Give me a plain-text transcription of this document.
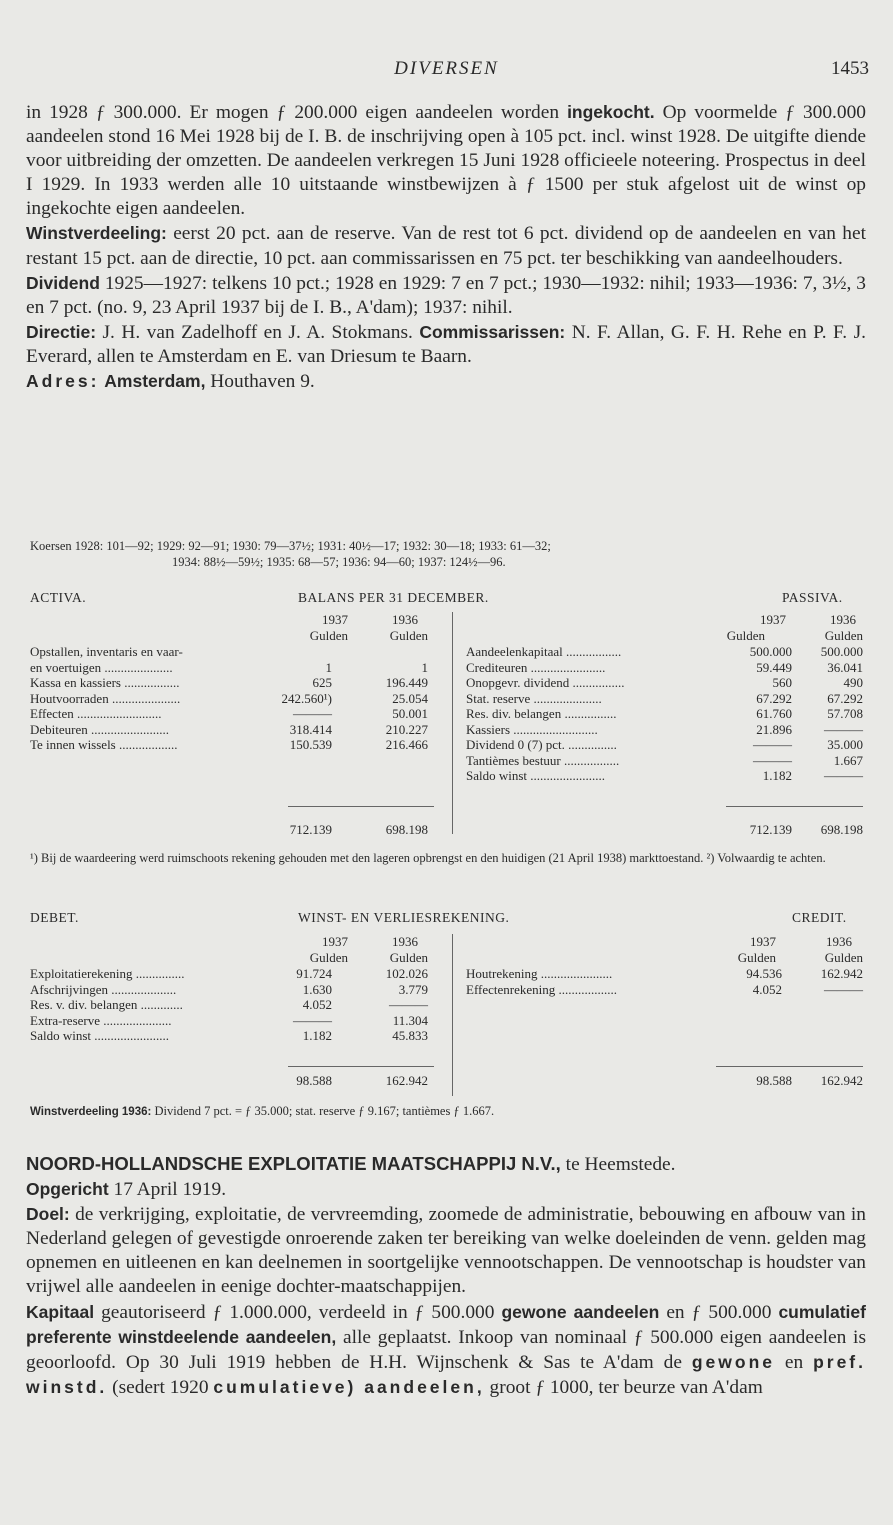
DIVERSEN	1453

in 1928 ƒ 300.000. Er mogen ƒ 200.000 eigen aandeelen worden ingekocht. Op voormelde ƒ 300.000 aandeelen stond 16 Mei 1928 bij de I. B. de inschrijving open à 105 pct. incl. winst 1928. De uitgifte diende voor uitbreiding der omzetten. De aandeelen verkregen 15 Juni 1928 officieele noteering. Prospectus in deel I 1929. In 1933 werden alle 10 uitstaande winstbewijzen à ƒ 1500 per stuk afgelost uit de winst op ingekochte eigen aandeelen.

Winstverdeeling: eerst 20 pct. aan de reserve. Van de rest tot 6 pct. dividend op de aandeelen en van het restant 15 pct. aan de directie, 10 pct. aan commissarissen en 75 pct. ter beschikking van aandeelhouders.

Dividend 1925—1927: telkens 10 pct.; 1928 en 1929: 7 en 7 pct.; 1930—1932: nihil; 1933—1936: 7, 3½, 3 en 7 pct. (no. 9, 23 April 1937 bij de I. B., A'dam); 1937: nihil.

Directie: J. H. van Zadelhoff en J. A. Stokmans. Commissarissen: N. F. Allan, G. F. H. Rehe en P. F. J. Everard, allen te Amsterdam en E. van Driesum te Baarn.

Adres: Amsterdam, Houthaven 9.

Koersen 1928: 101—92; 1929: 92—91; 1930: 79—37½; 1931: 40½—17; 1932: 30—18; 1933: 61—32;
1934: 88½—59½; 1935: 68—57; 1936: 94—60; 1937: 124½—96.
ACTIVA.	BALANS PER 31 DECEMBER.	PASSIVA.
1937	1936	1937	1936
Gulden	Gulden	Gulden	Gulden
Opstallen, inventaris en vaar-
en voertuigen .....................	1	1
Kassa en kassiers .................	625	196.449
Houtvoorraden .....................	242.560¹)	25.054
Effecten ..........................	———	50.001
Debiteuren ........................	318.414	210.227
Te innen wissels ..................	150.539	216.466
Aandeelenkapitaal .................	500.000	500.000
Crediteuren .......................	59.449	36.041
Onopgevr. dividend ................	560	490
Stat. reserve .....................	67.292	67.292
Res. div. belangen ................	61.760	57.708
Kassiers ..........................	21.896	———
Dividend 0 (7) pct. ...............	———	35.000
Tantièmes bestuur .................	———	1.667
Saldo winst .......................	1.182	———
712.139	698.198	712.139	698.198
¹) Bij de waardeering werd ruimschoots rekening gehouden met den lageren opbrengst en den huidigen (21 April 1938) markttoestand. ²) Volwaardig te achten.
DEBET.	WINST- EN VERLIESREKENING.	CREDIT.
1937	1936	1937	1936
Gulden	Gulden	Gulden	Gulden
Exploitatierekening ...............	91.724	102.026
Afschrijvingen ....................	1.630	3.779
Res. v. div. belangen .............	4.052	———
Extra-reserve .....................	———	11.304
Saldo winst .......................	1.182	45.833
Houtrekening ......................	94.536	162.942
Effectenrekening ..................	4.052	———
98.588	162.942	98.588	162.942
Winstverdeeling 1936: Dividend 7 pct. = ƒ 35.000; stat. reserve ƒ 9.167; tantièmes ƒ 1.667.

NOORD-HOLLANDSCHE EXPLOITATIE MAATSCHAPPIJ N.V., te Heemstede.

Opgericht 17 April 1919.

Doel: de verkrijging, exploitatie, de vervreemding, zoomede de administratie, bebouwing en afbouw van in Nederland gelegen of gevestigde onroerende zaken ter bereiking van welke doeleinden de venn. gelden mag opnemen en uitleenen en kan deelnemen in soortgelijke vennootschappen. De vennootschap is houdster van vrijwel alle aandeelen in eenige dochter-maatschappijen.

Kapitaal geautoriseerd ƒ 1.000.000, verdeeld in ƒ 500.000 gewone aandeelen en ƒ 500.000 cumulatief preferente winstdeelende aandeelen, alle geplaatst. Inkoop van nominaal ƒ 500.000 eigen aandeelen is geoorloofd. Op 30 Juli 1919 hebben de H.H. Wijnschenk & Sas te A'dam de gewone en pref. winstd. (sedert 1920 cumulatieve) aandeelen, groot ƒ 1000, ter beurze van A'dam
